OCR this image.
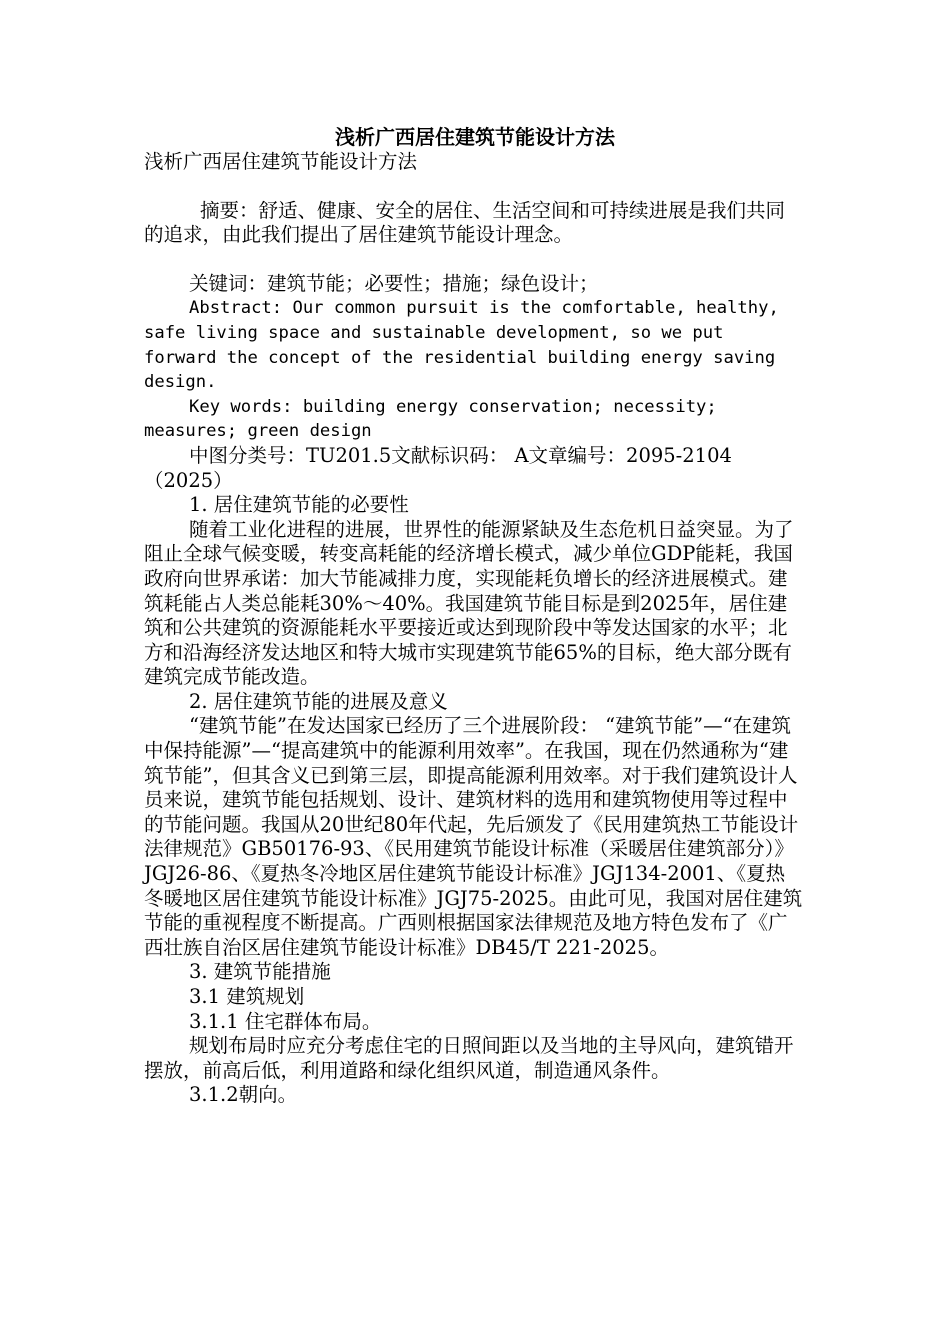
浅析广西居住建筑节能设计方法

浅析广西居住建筑节能设计方法

摘要：舒适、健康、安全的居住、生活空间和可持续进展是我们共同的追求，由此我们提出了居住建筑节能设计理念。

关键词：建筑节能；必要性；措施；绿色设计；

Abstract: Our common pursuit is the comfortable, healthy, safe living space and sustainable development, so we put forward the concept of the residential building energy saving design.

Key words: building energy conservation; necessity; measures; green design

中图分类号：TU201.5文献标识码： A文章编号：2095-2104（2025）

1. 居住建筑节能的必要性

随着工业化进程的进展，世界性的能源紧缺及生态危机日益突显。为了阻止全球气候变暖，转变高耗能的经济增长模式，减少单位GDP能耗，我国政府向世界承诺：加大节能减排力度，实现能耗负增长的经济进展模式。建筑耗能占人类总能耗30%～40%。我国建筑节能目标是到2025年，居住建筑和公共建筑的资源能耗水平要接近或达到现阶段中等发达国家的水平；北方和沿海经济发达地区和特大城市实现建筑节能65%的目标，绝大部分既有建筑完成节能改造。

2. 居住建筑节能的进展及意义

“建筑节能”在发达国家已经历了三个进展阶段： “建筑节能”—“在建筑中保持能源”—“提高建筑中的能源利用效率”。在我国，现在仍然通称为“建筑节能”，但其含义已到第三层，即提高能源利用效率。对于我们建筑设计人员来说，建筑节能包括规划、设计、建筑材料的选用和建筑物使用等过程中的节能问题。我国从20世纪80年代起，先后颁发了《民用建筑热工节能设计法律规范》GB50176-93、《民用建筑节能设计标准（采暖居住建筑部分）》JGJ26-86、《夏热冬冷地区居住建筑节能设计标准》JGJ134-2001、《夏热冬暖地区居住建筑节能设计标准》JGJ75-2025。由此可见，我国对居住建筑节能的重视程度不断提高。广西则根据国家法律规范及地方特色发布了《广西壮族自治区居住建筑节能设计标准》DB45/T 221-2025。

3. 建筑节能措施

3.1 建筑规划

3.1.1 住宅群体布局。

规划布局时应充分考虑住宅的日照间距以及当地的主导风向，建筑错开摆放，前高后低，利用道路和绿化组织风道，制造通风条件。

3.1.2朝向。
